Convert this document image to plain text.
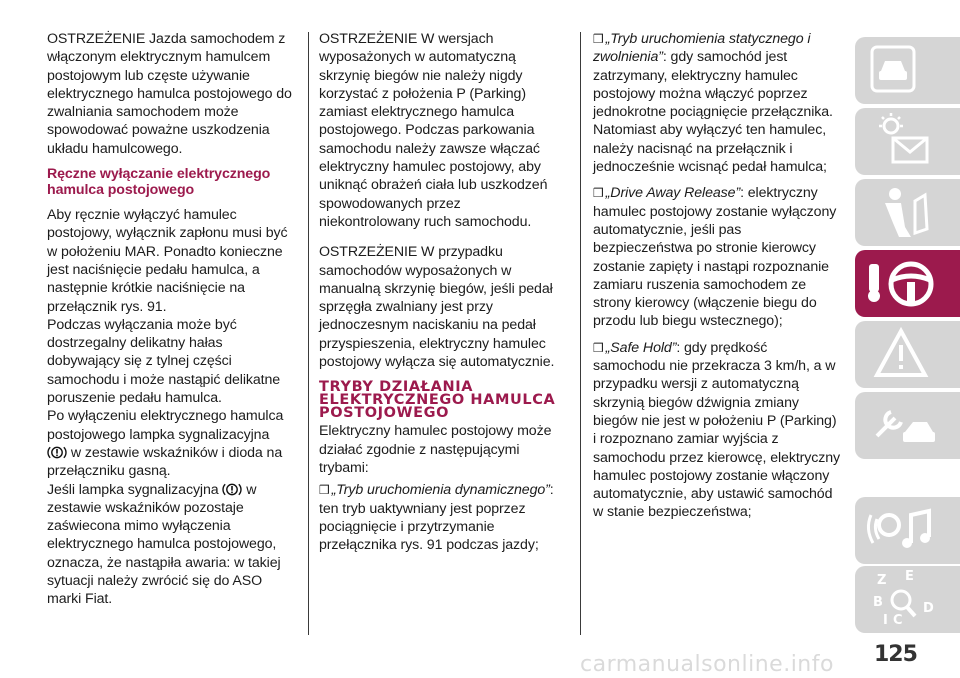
OSTRZEŻENIE Jazda samochodem z włączonym elektrycznym hamulcem postojowym lub częste używanie elektrycznego hamulca postojowego do zwalniania samochodem może spowodować poważne uszkodzenia układu hamulcowego.

Ręczne wyłączanie elektrycznego hamulca postojowego

Aby ręcznie wyłączyć hamulec postojowy, wyłącznik zapłonu musi być w położeniu MAR. Ponadto konieczne jest naciśnięcie pedału hamulca, a następnie krótkie naciśnięcie na przełącznik rys. 91.

Podczas wyłączania może być dostrzegalny delikatny hałas dobywający się z tylnej części samochodu i może nastąpić delikatne poruszenie pedału hamulca.

Po wyłączeniu elektrycznego hamulca postojowego lampka sygnalizacyjna
w zestawie wskaźników i dioda na przełączniku gasną.

Jeśli lampka sygnalizacyjna w zestawie wskaźników pozostaje zaświecona mimo wyłączenia elektrycznego hamulca postojowego, oznacza, że nastąpiła awaria: w takiej sytuacji należy zwrócić się do ASO marki Fiat.

OSTRZEŻENIE W wersjach wyposażonych w automatyczną skrzynię biegów nie należy nigdy korzystać z położenia P (Parking) zamiast elektrycznego hamulca postojowego. Podczas parkowania samochodu należy zawsze włączać elektryczny hamulec postojowy, aby uniknąć obrażeń ciała lub uszkodzeń spowodowanych przez niekontrolowany ruch samochodu.

OSTRZEŻENIE W przypadku samochodów wyposażonych w manualną skrzynię biegów, jeśli pedał sprzęgła zwalniany jest przy jednoczesnym naciskaniu na pedał przyspieszenia, elektryczny hamulec postojowy wyłącza się automatycznie.

TRYBY DZIAŁANIA ELEKTRYCZNEGO HAMULCA POSTOJOWEGO

Elektryczny hamulec postojowy może działać zgodnie z następującymi trybami:

❒ „Tryb uruchomienia dynamicznego”: ten tryb uaktywniany jest poprzez pociągnięcie i przytrzymanie przełącznika rys. 91 podczas jazdy;

❒ „Tryb uruchomienia statycznego i zwolnienia”: gdy samochód jest zatrzymany, elektryczny hamulec postojowy można włączyć poprzez jednokrotne pociągnięcie przełącznika. Natomiast aby wyłączyć ten hamulec, należy nacisnąć na przełącznik i jednocześnie wcisnąć pedał hamulca;

❒ „Drive Away Release”: elektryczny hamulec postojowy zostanie wyłączony automatycznie, jeśli pas bezpieczeństwa po stronie kierowcy zostanie zapięty i nastąpi rozpoznanie zamiaru ruszenia samochodem ze strony kierowcy (włączenie biegu do przodu lub biegu wstecznego);

❒ „Safe Hold”: gdy prędkość samochodu nie przekracza 3 km/h, a w przypadku wersji z automatyczną skrzynią biegów dźwignia zmiany biegów nie jest w położeniu P (Parking) i rozpoznano zamiar wyjścia z samochodu przez kierowcę, elektryczny hamulec postojowy zostanie włączony automatycznie, aby ustawić samochód w stanie bezpieczeństwa;

Z E
B
C
D
I
125
carmanualsonline.info
